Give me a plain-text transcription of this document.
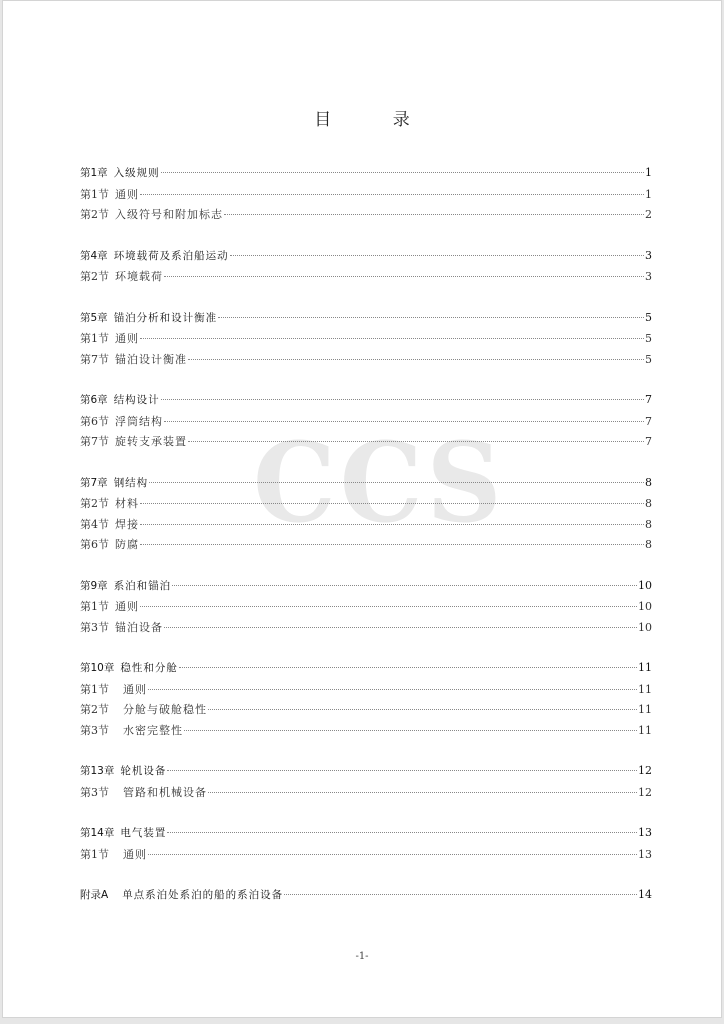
CCS
目 录
第1章 入级规则	1
第1节 通则	1
第2节 入级符号和附加标志	2
第4章 环境载荷及系泊船运动	3
第2节 环境载荷	3
第5章 锚泊分析和设计衡准	5
第1节 通则	5
第7节 锚泊设计衡准	5
第6章 结构设计	7
第6节 浮筒结构	7
第7节 旋转支承装置	7
第7章 钢结构	8
第2节 材料	8
第4节 焊接	8
第6节 防腐	8
第9章 系泊和锚泊	10
第1节 通则	10
第3节 锚泊设备	10
第10章 稳性和分舱	11
第1节 通则	11
第2节 分舱与破舱稳性	11
第3节 水密完整性	11
第13章 轮机设备	12
第3节 管路和机械设备	12
第14章 电气装置	13
第1节 通则	13
附录A 单点系泊处系泊的船的系泊设备	14
-1-
